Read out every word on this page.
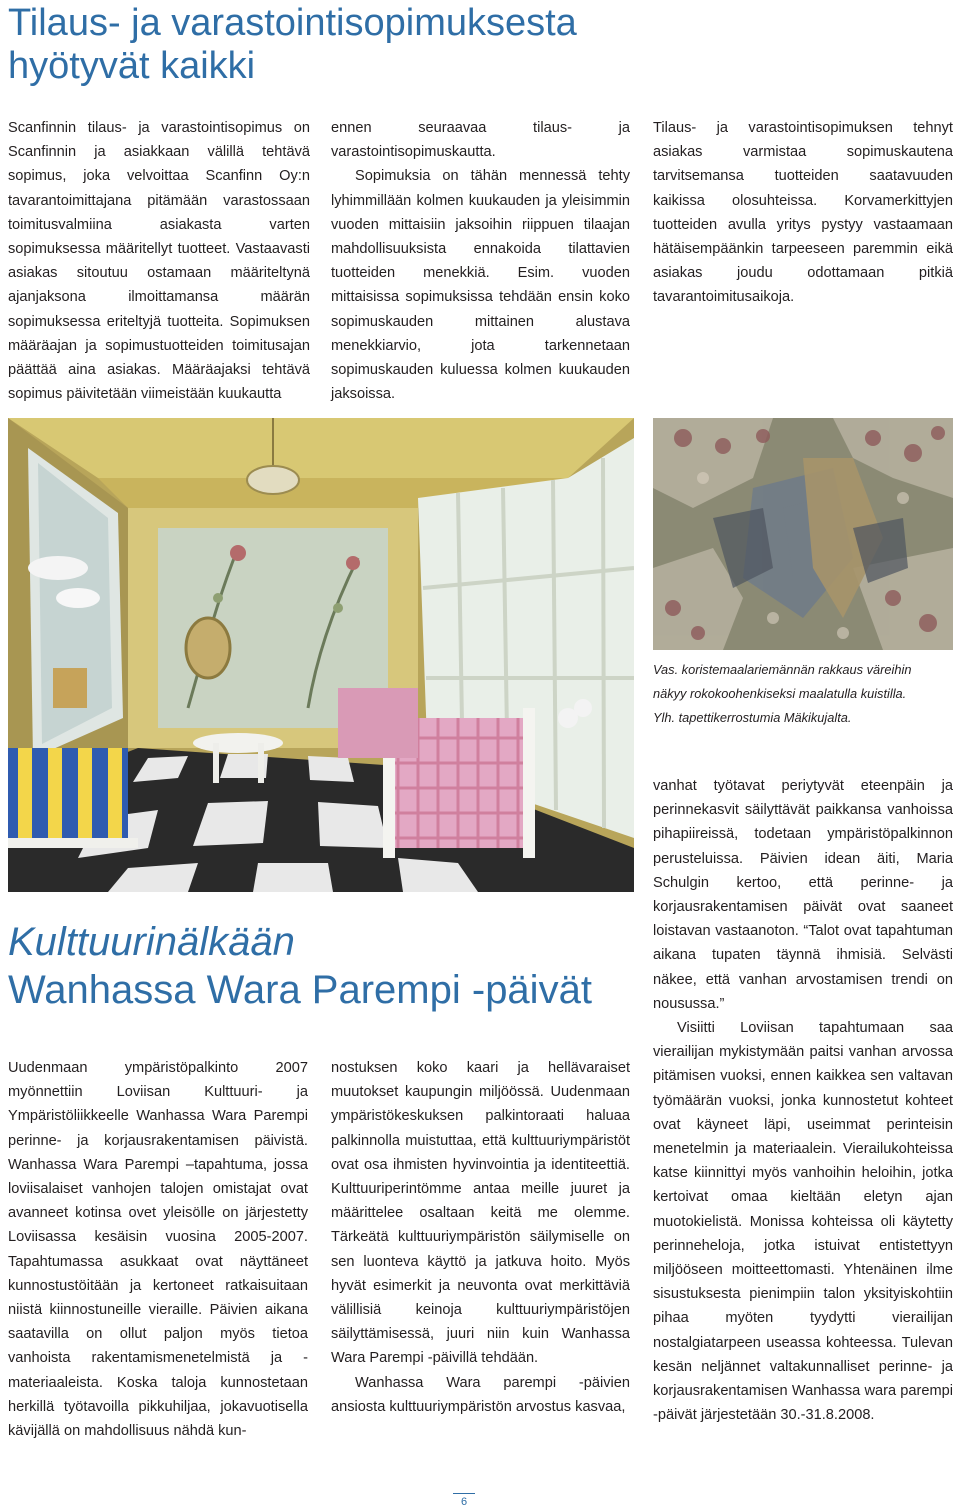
Tilaus- ja varastointisopimuksesta
hyötyvät kaikki

Scanfinnin tilaus- ja varastointisopimus on Scanfinnin ja asiakkaan välillä tehtävä sopimus, joka velvoittaa Scanfinn Oy:n tavarantoimittajana pitämään varastossaan toimitusvalmiina asiakasta varten sopimuksessa määritellyt tuotteet. Vastaavasti asiakas sitoutuu ostamaan määriteltynä ajanjaksona ilmoittamansa määrän sopimuksessa eriteltyjä tuotteita. Sopimuksen määräajan ja sopimustuotteiden toimitusajan päättää aina asiakas. Määräajaksi tehtävä sopimus päivitetään viimeistään kuukautta

ennen seuraavaa tilaus- ja varastointisopimuskautta.

Sopimuksia on tähän mennessä tehty lyhimmillään kolmen kuukauden ja yleisimmin vuoden mittaisiin jaksoihin riippuen tilaajan mahdollisuuksista ennakoida tilattavien tuotteiden menekkiä. Esim. vuoden mittaisissa sopimuksissa tehdään ensin koko sopimuskauden mittainen alustava menekkiarvio, jota tarkennetaan sopimuskauden kuluessa kolmen kuukauden jaksoissa.

Tilaus- ja varastointisopimuksen tehnyt asiakas varmistaa sopimuskautena tarvitsemansa tuotteiden saatavuuden kaikissa olosuhteissa. Korvamerkittyjen tuotteiden avulla yritys pystyy vastaamaan hätäisempäänkin tarpeeseen paremmin eikä asiakas joudu odottamaan pitkiä tavarantoimitusaikoja.

Vas. koristemaalariemännän rakkaus väreihin
näkyy rokokoohenkiseksi maalatulla kuistilla.
Ylh. tapettikerrostumia Mäkikujalta.
Kulttuurinälkään
Wanhassa Wara Parempi -päivät

Uudenmaan ympäristöpalkinto 2007 myönnettiin Loviisan Kulttuuri- ja Ympäristöliikkeelle Wanhassa Wara Parempi perinne- ja korjausrakentamisen päivistä. Wanhassa Wara Parempi –tapahtuma, jossa loviisalaiset vanhojen talojen omistajat ovat avanneet kotinsa ovet yleisölle on järjestetty Loviisassa kesäisin vuosina 2005-2007. Tapahtumassa asukkaat ovat näyttäneet kunnostustöitään ja kertoneet ratkaisuitaan niistä kiinnostuneille vieraille. Päivien aikana saatavilla on ollut paljon myös tietoa vanhoista rakentamismenetelmistä ja -materiaaleista. Koska taloja kunnostetaan herkillä työtavoilla pikkuhiljaa, jokavuotisella kävijällä on mahdollisuus nähdä kun-

nostuksen koko kaari ja hellävaraiset muutokset kaupungin miljöössä. Uudenmaan ympäristökeskuksen palkintoraati haluaa palkinnolla muistuttaa, että kulttuuriympäristöt ovat osa ihmisten hyvinvointia ja identiteettiä. Kulttuuriperintömme antaa meille juuret ja määrittelee osaltaan keitä me olemme. Tärkeätä kulttuuriympäristön säilymiselle on sen luonteva käyttö ja jatkuva hoito. Myös hyvät esimerkit ja neuvonta ovat merkittäviä välillisiä keinoja kulttuuriympäristöjen säilyttämisessä, juuri niin kuin Wanhassa Wara Parempi -päivillä tehdään.

Wanhassa Wara parempi -päivien ansiosta kulttuuriympäristön arvostus kasvaa,

vanhat työtavat periytyvät eteenpäin ja perinnekasvit säilyttävät paikkansa vanhoissa pihapiireissä, todetaan ympäristöpalkinnon perusteluissa. Päivien idean äiti, Maria Schulgin kertoo, että perinne- ja korjausrakentamisen päivät ovat saaneet loistavan vastaanoton. “Talot ovat tapahtuman aikana tupaten täynnä ihmisiä. Selvästi näkee, että vanhan arvostamisen trendi on nousussa.”

Visiitti Loviisan tapahtumaan saa vierailijan mykistymään paitsi vanhan arvossa pitämisen vuoksi, ennen kaikkea sen valtavan työmäärän vuoksi, jonka kunnostetut kohteet ovat käyneet läpi, useimmat perinteisin menetelmin ja materiaalein. Vierailukohteissa katse kiinnittyi myös vanhoihin heloihin, jotka kertoivat omaa kieltään eletyn ajan muotokielistä. Monissa kohteissa oli käytetty perinneheloja, jotka istuivat entistettyyn miljööseen moitteettomasti. Yhtenäinen ilme sisustuksesta pienimpiin talon yksityiskohtiin pihaa myöten tyydytti vierailijan nostalgiatarpeen useassa kohteessa. Tulevan kesän neljännet valtakunnalliset perinne- ja korjausrakentamisen Wanhassa wara parempi -päivät järjestetään 30.-31.8.2008.

6
